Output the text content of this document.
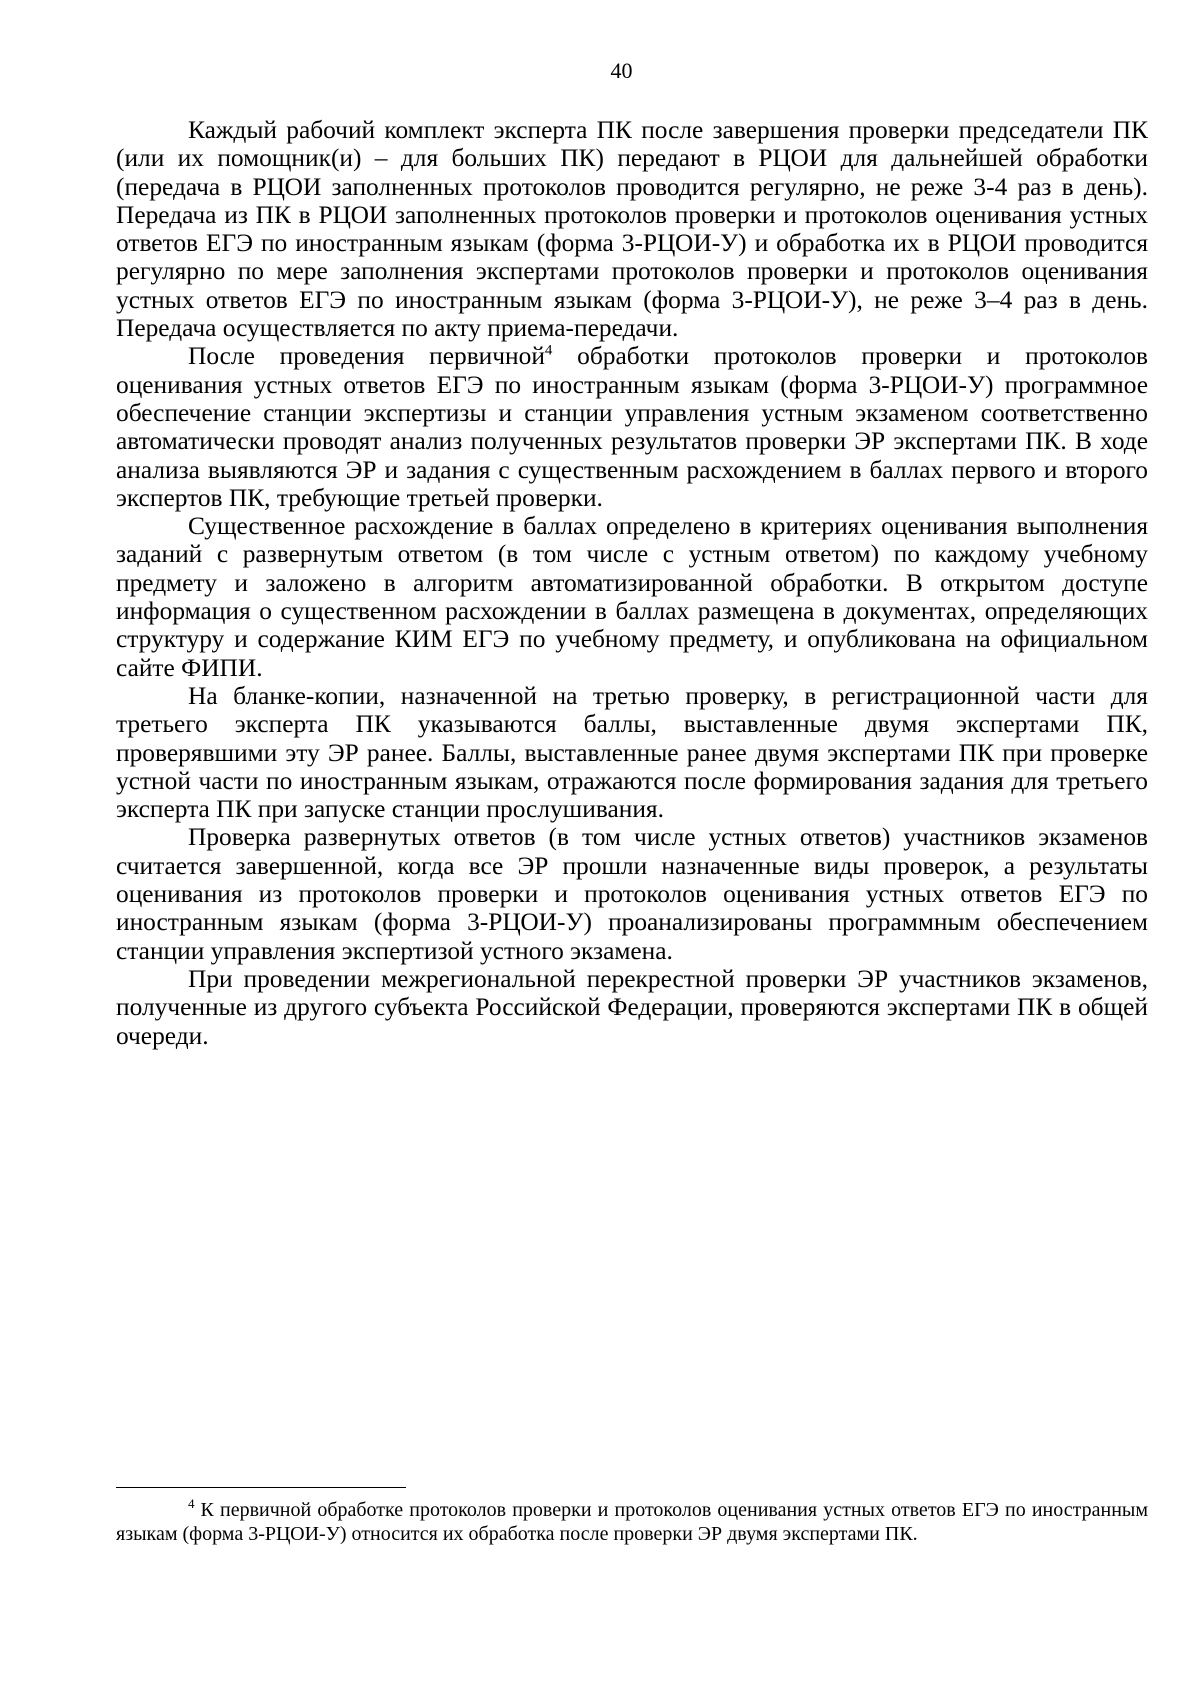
40

Каждый рабочий комплект эксперта ПК после завершения проверки председатели ПК (или их помощник(и) – для больших ПК) передают в РЦОИ для дальнейшей обработки (передача в РЦОИ заполненных протоколов проводится регулярно, не реже 3-4 раз в день). Передача из ПК в РЦОИ заполненных протоколов проверки и протоколов оценивания устных ответов ЕГЭ по иностранным языкам (форма 3-РЦОИ-У) и обработка их в РЦОИ проводится регулярно по мере заполнения экспертами протоколов проверки и протоколов оценивания устных ответов ЕГЭ по иностранным языкам (форма 3-РЦОИ-У), не реже 3–4 раз в день. Передача осуществляется по акту приема-передачи.

После проведения первичной$^4$ обработки протоколов проверки и протоколов оценивания устных ответов ЕГЭ по иностранным языкам (форма 3-РЦОИ-У) программное обеспечение станции экспертизы и станции управления устным экзаменом соответственно автоматически проводят анализ полученных результатов проверки ЭР экспертами ПК. В ходе анализа выявляются ЭР и задания с существенным расхождением в баллах первого и второго экспертов ПК, требующие третьей проверки.

Существенное расхождение в баллах определено в критериях оценивания выполнения заданий с развернутым ответом (в том числе с устным ответом) по каждому учебному предмету и заложено в алгоритм автоматизированной обработки. В открытом доступе информация о существенном расхождении в баллах размещена в документах, определяющих структуру и содержание КИМ ЕГЭ по учебному предмету, и опубликована на официальном сайте ФИПИ.

На бланке-копии, назначенной на третью проверку, в регистрационной части для третьего эксперта ПК указываются баллы, выставленные двумя экспертами ПК, проверявшими эту ЭР ранее. Баллы, выставленные ранее двумя экспертами ПК при проверке устной части по иностранным языкам, отражаются после формирования задания для третьего эксперта ПК при запуске станции прослушивания.

Проверка развернутых ответов (в том числе устных ответов) участников экзаменов считается завершенной, когда все ЭР прошли назначенные виды проверок, а результаты оценивания из протоколов проверки и протоколов оценивания устных ответов ЕГЭ по иностранным языкам (форма 3-РЦОИ-У) проанализированы программным обеспечением станции управления экспертизой устного экзамена.

При проведении межрегиональной перекрестной проверки ЭР участников экзаменов, полученные из другого субъекта Российской Федерации, проверяются экспертами ПК в общей очереди.

$^4$ К первичной обработке протоколов проверки и протоколов оценивания устных ответов ЕГЭ по иностранным языкам (форма 3-РЦОИ-У) относится их обработка после проверки ЭР двумя экспертами ПК.
